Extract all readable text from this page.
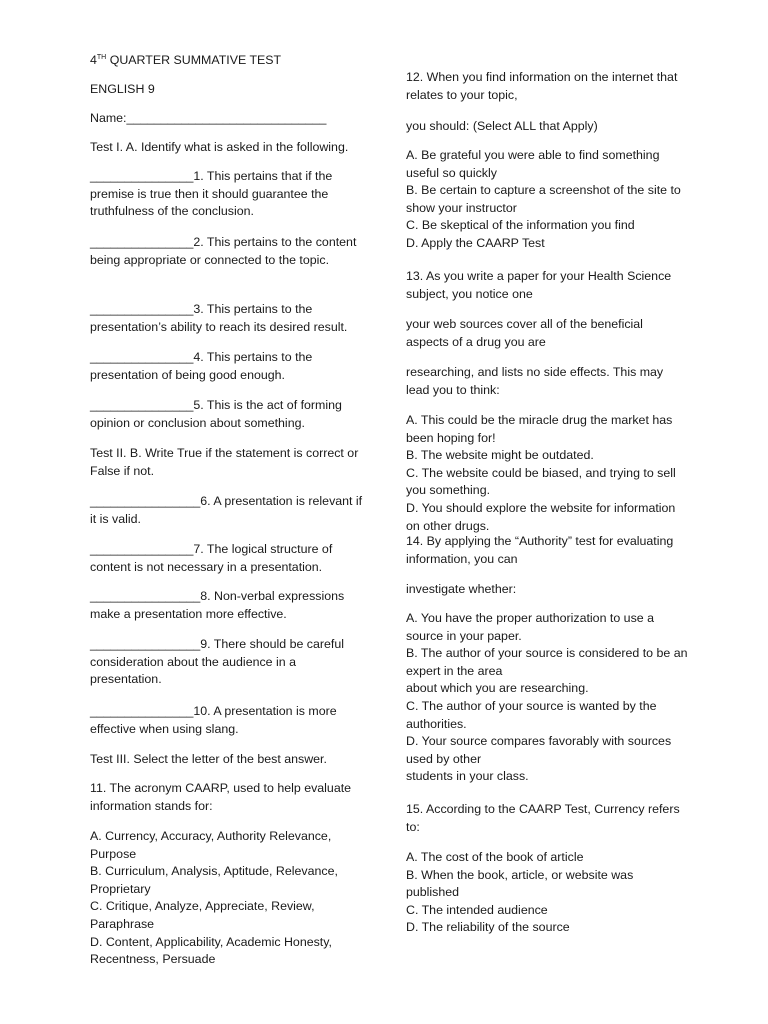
4TH QUARTER SUMMATIVE TEST

ENGLISH 9

Name:_____________________________

Test I. A. Identify what is asked in the following.

_______________1. This pertains that if the premise is true then it should guarantee the truthfulness of the conclusion.

_______________2. This pertains to the content being appropriate or connected to the topic.

_______________3. This pertains to the presentation’s ability to reach its desired result.

_______________4. This pertains to the presentation of being good enough.

_______________5. This is the act of forming opinion or conclusion about something.

Test II. B. Write True if the statement is correct or False if not.

________________6. A presentation is relevant if it is valid.

_______________7. The logical structure of content is not necessary in a presentation.

________________8. Non-verbal expressions make a presentation more effective.

________________9. There should be careful consideration about the audience in a presentation.

_______________10. A presentation is more effective when using slang.

Test III. Select the letter of the best answer.

11. The acronym CAARP, used to help evaluate information stands for:

A. Currency, Accuracy, Authority Relevance, Purpose
B. Curriculum, Analysis, Aptitude, Relevance, Proprietary
C. Critique, Analyze, Appreciate, Review, Paraphrase
D. Content, Applicability, Academic Honesty, Recentness, Persuade

12. When you find information on the internet that relates to your topic,

you should: (Select ALL that Apply)

A. Be grateful you were able to find something useful so quickly
B. Be certain to capture a screenshot of the site to show your instructor
C. Be skeptical of the information you find
D. Apply the CAARP Test

13. As you write a paper for your Health Science subject, you notice one

your web sources cover all of the beneficial aspects of a drug you are

researching, and lists no side effects. This may lead you to think:

A. This could be the miracle drug the market has been hoping for!
B. The website might be outdated.
C. The website could be biased, and trying to sell you something.
D. You should explore the website for information on other drugs.

14. By applying the “Authority” test for evaluating information, you can

investigate whether:

A. You have the proper authorization to use a source in your paper.
B. The author of your source is considered to be an expert in the area
about which you are researching.
C. The author of your source is wanted by the authorities.
D. Your source compares favorably with sources used by other
students in your class.

15. According to the CAARP Test, Currency refers to:

A. The cost of the book of article
B. When the book, article, or website was published
C. The intended audience
D. The reliability of the source
